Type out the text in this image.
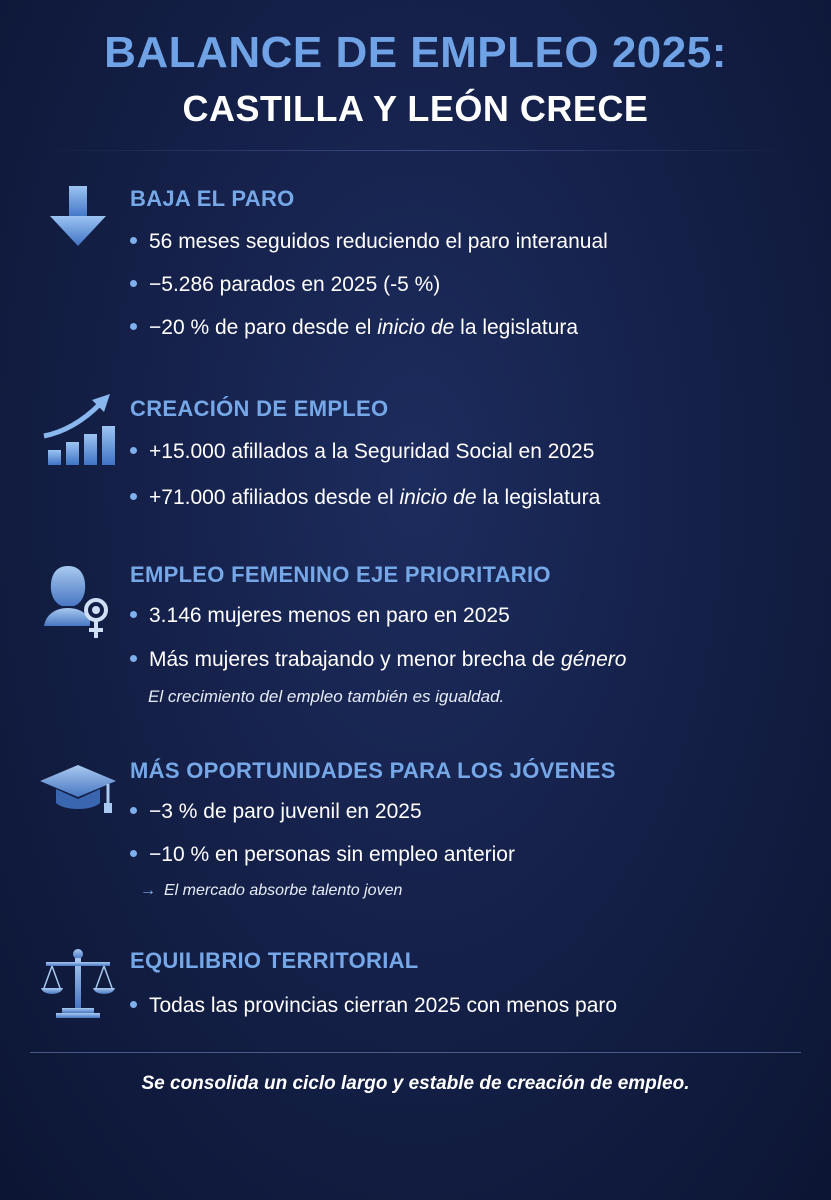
BALANCE DE EMPLEO 2025:
CASTILLA Y LEÓN CRECE
BAJA EL PARO
56 meses seguidos reduciendo el paro interanual
−5.286 parados en 2025 (-5 %)
−20 % de paro desde el inicio de la legislatura
CREACIÓN DE EMPLEO
+15.000 afillados a la Seguridad Social en 2025
+71.000 afiliados desde el inicio de la legislatura
EMPLEO FEMENINO EJE PRIORITARIO
3.146 mujeres menos en paro en 2025
Más mujeres trabajando y menor brecha de género
El crecimiento del empleo también es igualdad.
MÁS OPORTUNIDADES PARA LOS JÓVENES
−3 % de paro juvenil en 2025
−10 % en personas sin empleo anterior
→ El mercado absorbe talento joven
EQUILIBRIO TERRITORIAL
Todas las provincias cierran 2025 con menos paro
Se consolida un ciclo largo y estable de creación de empleo.
